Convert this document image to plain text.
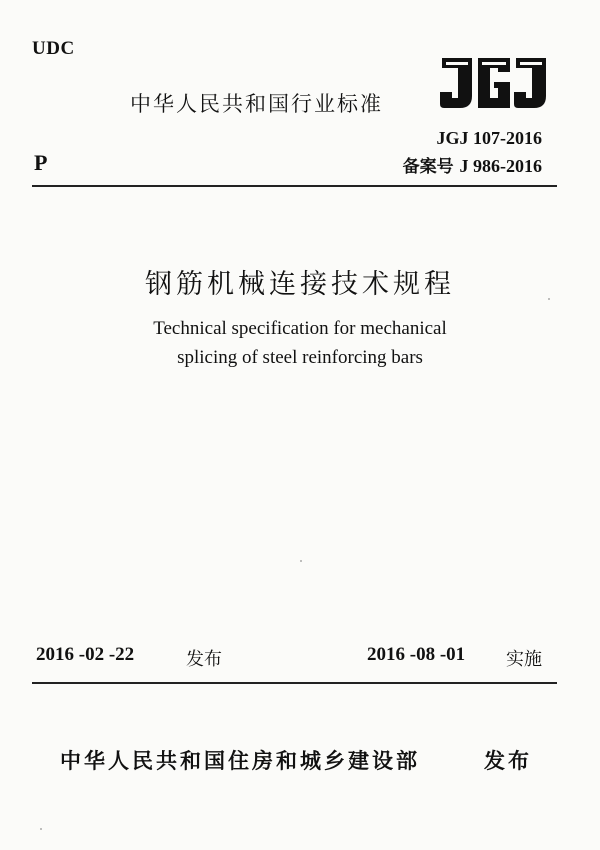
UDC
中华人民共和国行业标准
JGJ 107-2016
P	备案号 J 986-2016
钢筋机械连接技术规程
Technical specification for mechanical
splicing of steel reinforcing bars
2016 -02 -22	发布	2016 -08 -01 实施
中华人民共和国住房和城乡建设部	发布
